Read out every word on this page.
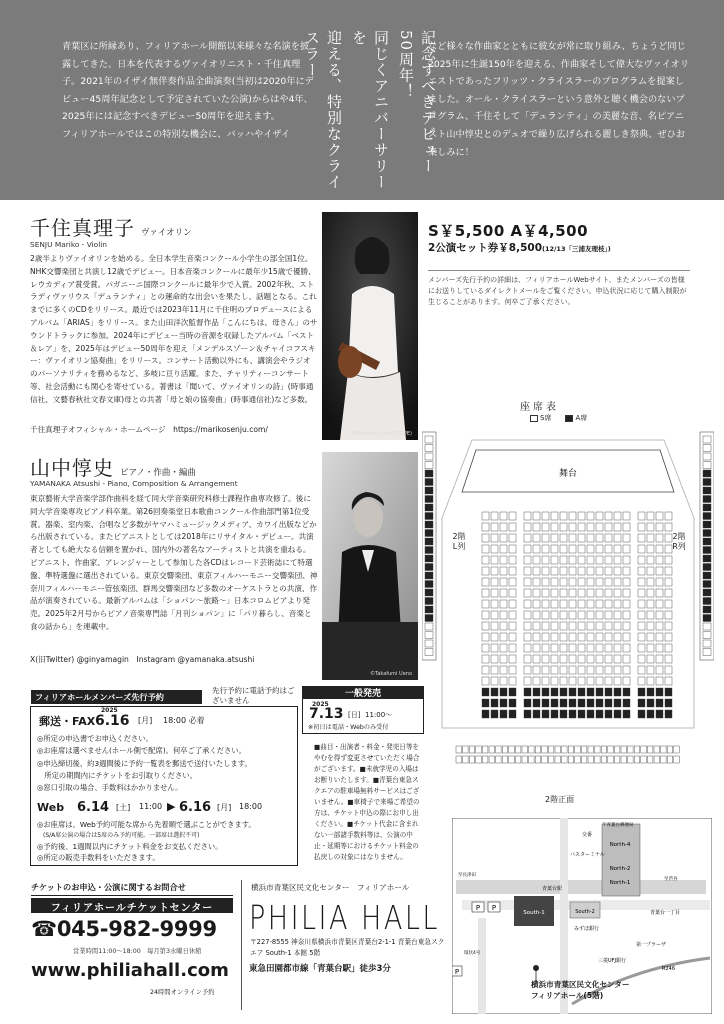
青葉区に所縁あり、フィリアホール開館以来様々な名演を披露してきた、日本を代表するヴァイオリニスト・千住真理子。2021年のイザイ無伴奏作品全曲演奏(当初は2020年にデビュー45周年記念として予定されていた公演)からはや4年、2025年には記念すべきデビュー50周年を迎えます。
フィリアホールではこの特別な機会に、バッハやイザイ	記念すべきデビュー50周年！
同じくアニバーサリーを
迎える、特別なクライスラー	など様々な作曲家とともに彼女が常に取り組み、ちょうど同じ2025年に生誕150年を迎える、作曲家そして偉大なヴァイオリニストであったフリッツ・クライスラーのプログラムを提案しました。オール・クライスラーという意外と聴く機会のないプログラム、千住そして「デュランティ」の美麗な音、名ピアニスト山中惇史とのデュオで繰り広げられる麗しき祭典、ぜひお楽しみに！
千住真理子 ヴァイオリン
SENJU Mariko - Violin
2歳半よりヴァイオリンを始める。全日本学生音楽コンクール小学生の部全国1位。NHK交響楽団と共演し12歳でデビュー。日本音楽コンクールに最年少15歳で優勝、レウカディア賞受賞。パガニーニ国際コンクールに最年少で入賞。2002年秋、ストラディヴァリウス「デュランティ」との運命的な出会いを果たし、話題となる。これまでに多くのCDをリリース。最近では2023年11月に千住明のプロデュースによるアルバム「ARIAS」をリリース。また山田洋次監督作品「こんにちは、母さん」のサウンドトラックに参加。2024年にデビュー当時の音源を収録したアルバム「ベスト＆レア」を、2025年はデビュー50周年を迎え「メンデルスゾーン＆チャイコフスキー：ヴァイオリン協奏曲」をリリース。コンサート活動以外にも、講演会やラジオのパーソナリティを務めるなど、多岐に亘り活躍。また、チャリティーコンサート等、社会活動にも関心を寄せている。著書は「聞いて、ヴァイオリンの詩」(時事通信社、文藝春秋社文春文庫)母との共著「母と娘の協奏曲」(時事通信社)など多数。
千住真理子オフィシャル・ホームページ　 https://marikosenju.com/	©Kiyotaka Saito(SCOPE)
山中惇史 ピアノ・作曲・編曲
YAMANAKA Atsushi - Piano, Composition & Arrangement
東京藝術大学音楽学部作曲科を経て同大学音楽研究科修士課程作曲専攻修了。後に同大学音楽専攻ピアノ科卒業。第26回奏楽堂日本歌曲コンクール作曲部門第1位受賞。器楽、室内楽、合唱など多数がヤマハミュージックメディア、カワイ出版などから出版されている。またピアニストとしては2018年にリサイタル・デビュー。共演者としても絶大なる信頼を置かれ、国内外の著名なアーティストと共演を重ねる。ピアニスト、作曲家、アレンジャーとして参加した各CDはレコード芸術誌にて特選盤、準特選盤に選出されている。東京交響楽団、東京フィルハーモニー交響楽団、神奈川フィルハーモニー管弦楽団、群馬交響楽団など多数のオーケストラとの共演、作品が演奏されている。最新アルバムは「ショパン～旅路～」日本コロムビアより発売。2025年2月号からピアノ音楽専門誌「月刊ショパン」に「パリ暮らし、音楽と食の話から」を連載中。
X(旧Twitter) @ginyamagin　 Instagram @yamanaka.atsushi
©Takafumi Ueno
S￥5,500 A￥4,500
2公演セット券￥8,500(12/13「三浦友理枝」)
メンバーズ先行予約の詳細は、フィリアホールWebサイト、またメンバーズの皆様にお送りしているダイレクトメールをご覧ください。申込状況に応じて購入制限が生じることがあります。何卒ご了承ください。
座席表
S席	A席
舞台
2階L列
2階R列
2階正面
フィリアホールメンバーズ先行予約
先行予約に電話予約はございません
郵送・FAX
2025
6.16 [月] 18:00 必着
◎所定の申込書でお申込ください。
◎お座席は選べません(ホール側で配席)。何卒ご了承ください。
◎申込締切後、約3週間後に予約一覧表を郵送で送付いたします。
　所定の期間内にチケットをお引取りください。
◎窓口引取の場合、手数料はかかりません。
Web 6.14 [土] 11:00 ▶ 6.16 [月] 18:00
◎お座席は、Web予約可能な席から先着順で選ぶことができます。
　(S/A席公演の場合は5席のみ予約可能。一部席は選択不可)
◎予約後、1週間以内にチケット料金をお支払ください。
◎所定の販売手数料をいただきます。
一般発売
2025
7.13 [日] 11:00～
※初日は電話・Webのみ受付
■曲目・出演者・料金・発売日等をやむを得ず変更させていただく場合がございます。■未就学児の入場はお断りいたします。■青葉台東急スクエアの駐車場無料サービスはございません。■車椅子で来場ご希望の方は、チケット申込の際にお申し出ください。■チケット代金に含まれない一部諸手数料等は、公演の中止・延期等におけるチケット料金の払戻しの対象にはなりません。
チケットのお申込・公演に関するお問合せ
フィリアホールチケットセンター
☎045-982-9999
営業時間11:00～18:00　毎月第3水曜日休館
www.philiahall.com
24時間オンライン予約
横浜市青葉区民文化センター　フィリアホール
PHILIA HALL
〒227-8555 神奈川県横浜市青葉区青葉台2-1-1 青葉台東急スクエア South-1 本館 5階
東急田園都市線「青葉台駅」徒歩3分
North-4
North-2
North-1
バスターミナル
交番
青葉台駅
South-1	South-2
P P
P
青葉台一丁目
至長津田
至渋谷
みずほ銀行
三菱UFJ銀行
第一プラーザ
〒青葉台郵便局
R246
環状4号
横浜市青葉区民文化センター
フィリアホール(5階)
